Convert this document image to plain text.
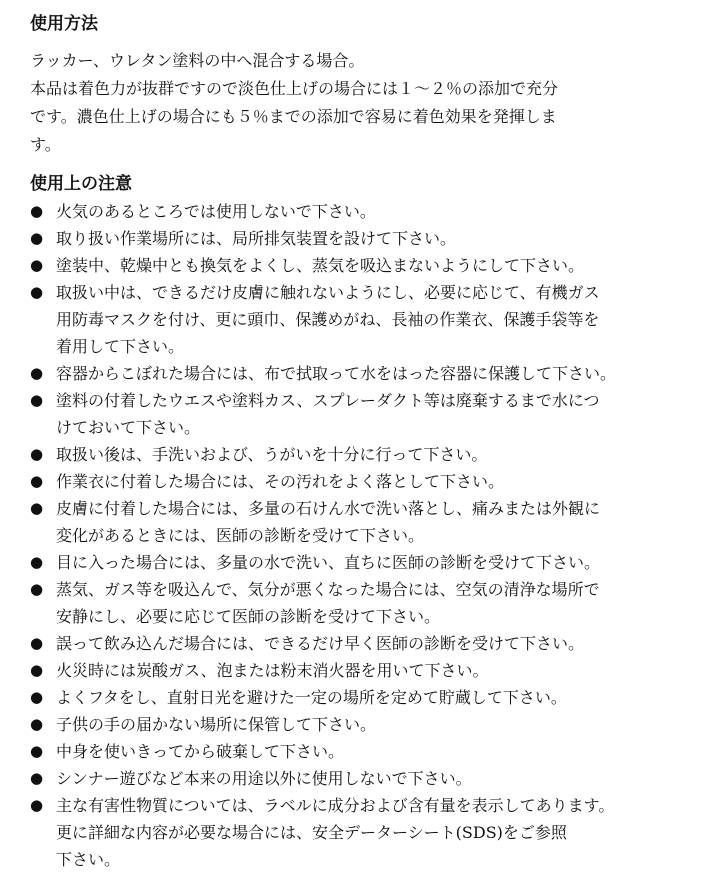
使用方法
ラッカー、ウレタン塗料の中へ混合する場合。
本品は着色力が抜群ですので淡色仕上げの場合には１～２％の添加で充分
です。濃色仕上げの場合にも５％までの添加で容易に着色効果を発揮しま
す。
使用上の注意
● 火気のあるところでは使用しないで下さい。
● 取り扱い作業場所には、局所排気装置を設けて下さい。
● 塗装中、乾燥中とも換気をよくし、蒸気を吸込まないようにして下さい。
● 取扱い中は、できるだけ皮膚に触れないようにし、必要に応じて、有機ガス
用防毒マスクを付け、更に頭巾、保護めがね、長袖の作業衣、保護手袋等を
着用して下さい。
● 容器からこぼれた場合には、布で拭取って水をはった容器に保護して下さい。
● 塗料の付着したウエスや塗料カス、スプレーダクト等は廃棄するまで水につ
けておいて下さい。
● 取扱い後は、手洗いおよび、うがいを十分に行って下さい。
● 作業衣に付着した場合には、その汚れをよく落として下さい。
● 皮膚に付着した場合には、多量の石けん水で洗い落とし、痛みまたは外観に
変化があるときには、医師の診断を受けて下さい。
● 目に入った場合には、多量の水で洗い、直ちに医師の診断を受けて下さい。
● 蒸気、ガス等を吸込んで、気分が悪くなった場合には、空気の清浄な場所で
安静にし、必要に応じて医師の診断を受けて下さい。
● 誤って飲み込んだ場合には、できるだけ早く医師の診断を受けて下さい。
● 火災時には炭酸ガス、泡または粉末消火器を用いて下さい。
● よくフタをし、直射日光を避けた一定の場所を定めて貯蔵して下さい。
● 子供の手の届かない場所に保管して下さい。
● 中身を使いきってから破棄して下さい。
● シンナー遊びなど本来の用途以外に使用しないで下さい。
● 主な有害性物質については、ラベルに成分および含有量を表示してあります。
更に詳細な内容が必要な場合には、安全データーシート(SDS)をご参照
下さい。
